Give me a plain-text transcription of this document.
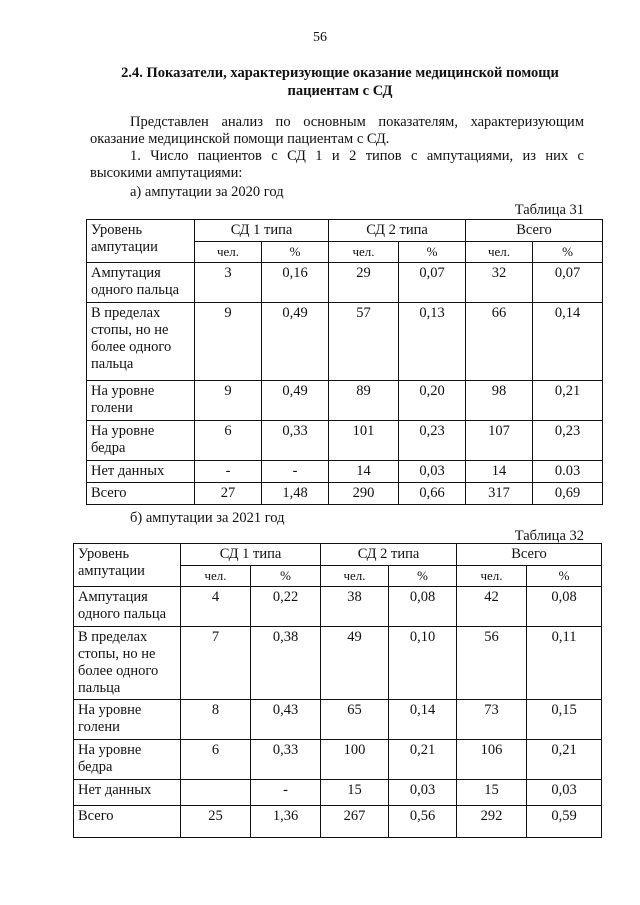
56
2.4. Показатели, характеризующие оказание медицинской помощи
пациентам с СД
Представлен анализ по основным показателям, характеризующим
оказание медицинской помощи пациентам с СД.
1. Число пациентов с СД 1 и 2 типов с ампутациями, из них с
высокими ампутациями:
а) ампутации за 2020 год
Таблица 31
Уровень
ампутации	СД 1 типа		СД 2 типа		Всего	
	чел.	%	чел.	%	чел.	%

Ампутация
одного пальца	3	0,16	29	0,07	32	0,07

В пределах
стопы, но не
более одного
пальца	9	0,49	57	0,13	66	0,14

На уровне
голени	9	0,49	89	0,20	98	0,21

На уровне
бедра	6	0,33	101	0,23	107	0,23

Нет данных	-	-	14	0,03	14	0.03

Всего	27	1,48	290	0,66	317	0,69
б) ампутации за 2021 год
Таблица 32
Уровень
ампутации	СД 1 типа		СД 2 типа		Всего	
	чел.	%	чел.	%	чел.	%

Ампутация
одного пальца	4	0,22	38	0,08	42	0,08

В пределах
стопы, но не
более одного
пальца	7	0,38	49	0,10	56	0,11

На уровне
голени	8	0,43	65	0,14	73	0,15

На уровне
бедра	6	0,33	100	0,21	106	0,21

Нет данных		-	15	0,03	15	0,03

Всего	25	1,36	267	0,56	292	0,59
